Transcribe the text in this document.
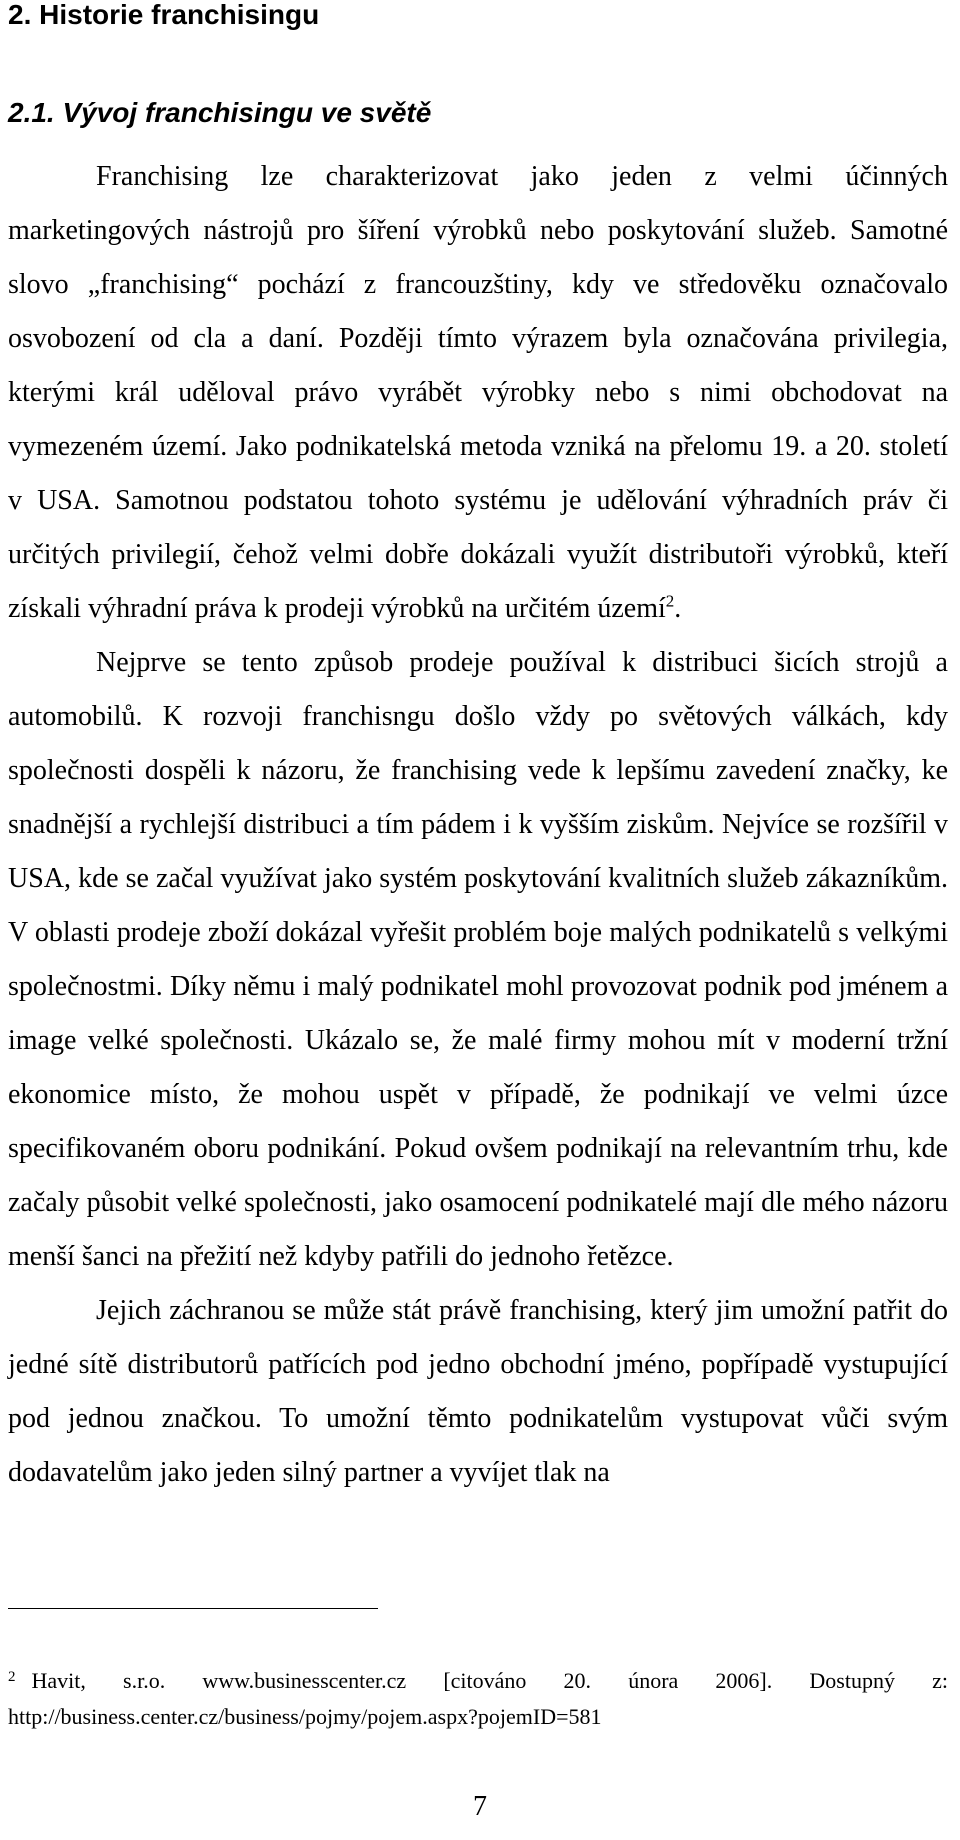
2. Historie franchisingu
2.1. Vývoj franchisingu ve světě

Franchising lze charakterizovat jako jeden z velmi účinných marketingových nástrojů pro šíření výrobků nebo poskytování služeb. Samotné slovo „franchising“ pochází z francouzštiny, kdy ve středověku označovalo osvobození od cla a daní. Později tímto výrazem byla označována privilegia, kterými král uděloval právo vyrábět výrobky nebo s nimi obchodovat na vymezeném území. Jako podnikatelská metoda vzniká na přelomu 19. a 20. století v USA. Samotnou podstatou tohoto systému je udělování výhradních práv či určitých privilegií, čehož velmi dobře dokázali využít distributoři výrobků, kteří získali výhradní práva k prodeji výrobků na určitém území$^2$.

Nejprve se tento způsob prodeje používal k distribuci šicích strojů a automobilů. K rozvoji franchisngu došlo vždy po světových válkách, kdy společnosti dospěli k názoru, že franchising vede k lepšímu zavedení značky, ke snadnější a rychlejší distribuci a tím pádem i k vyšším ziskům. Nejvíce se rozšířil v USA, kde se začal využívat jako systém poskytování kvalitních služeb zákazníkům. V oblasti prodeje zboží dokázal vyřešit problém boje malých podnikatelů s velkými společnostmi. Díky němu i malý podnikatel mohl provozovat podnik pod jménem a image velké společnosti. Ukázalo se, že malé firmy mohou mít v moderní tržní ekonomice místo, že mohou uspět v případě, že podnikají ve velmi úzce specifikovaném oboru podnikání. Pokud ovšem podnikají na relevantním trhu, kde začaly působit velké společnosti, jako osamocení podnikatelé mají dle mého názoru menší šanci na přežití než kdyby patřili do jednoho řetězce.

Jejich záchranou se může stát právě franchising, který jim umožní patřit do jedné sítě distributorů patřících pod jedno obchodní jméno, popřípadě vystupující pod jednou značkou. To umožní těmto podnikatelům vystupovat vůči svým dodavatelům jako jeden silný partner a vyvíjet tlak na

$^2$ Havit, s.r.o. www.businesscenter.cz [citováno 20. února 2006]. Dostupný z: http://business.center.cz/business/pojmy/pojem.aspx?pojemID=581
7
